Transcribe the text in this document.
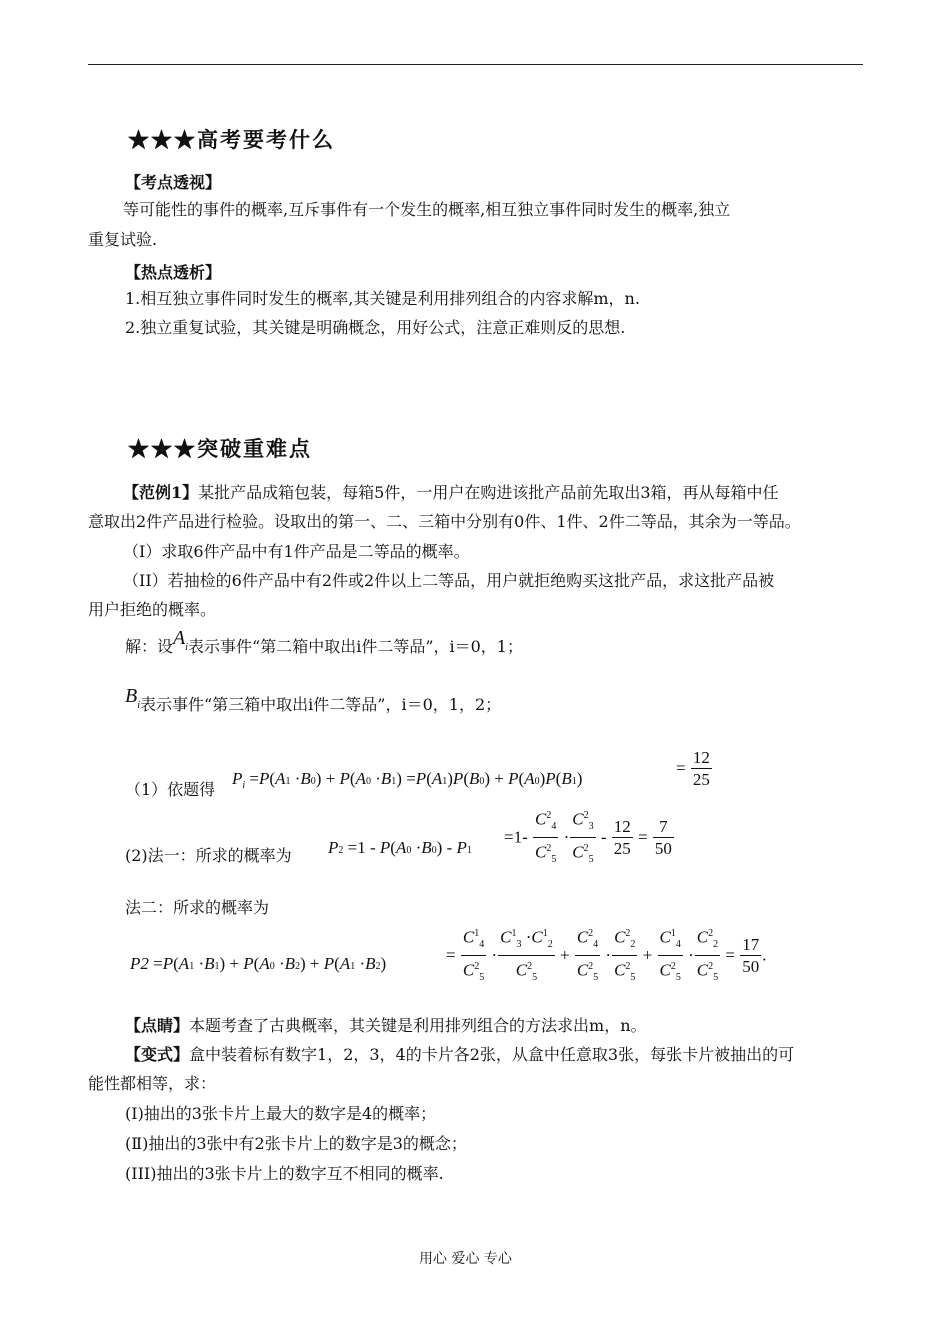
★★★高考要考什么
【考点透视】
等可能性的事件的概率,互斥事件有一个发生的概率,相互独立事件同时发生的概率,独立
重复试验.
【热点透析】
1.相互独立事件同时发生的概率,其关键是利用排列组合的内容求解m，n.
2.独立重复试验，其关键是明确概念，用好公式，注意正难则反的思想.
★★★突破重难点
【范例1】某批产品成箱包装，每箱5件，一用户在购进该批产品前先取出3箱，再从每箱中任
意取出2件产品进行检验。设取出的第一、二、三箱中分别有0件、1件、2件二等品，其余为一等品。
（I）求取6件产品中有1件产品是二等品的概率。
（II）若抽检的6件产品中有2件或2件以上二等品，用户就拒绝购买这批产品，求这批产品被
用户拒绝的概率。
解：设Ai表示事件“第二箱中取出i件二等品”，i＝0，1；
Bi表示事件“第三箱中取出i件二等品”，i＝0，1，2；
（1）依题得
$P_i =P(A1 \cdot B0) + P(A0 \cdot B1) =P(A1)P(B0) + P(A0)P(B1)$
= $\frac{12}{25}$
(2)法一：所求的概率为 P2 =1 - P(A0 ·B0) - P1
$=1- \frac{C^2_4}{C^2_5} \cdot \frac{C^2_3}{C^2_5} - \frac{12}{25} = \frac{7}{50}$
法二：所求的概率为
P2 =P(A1 ·B1) + P(A0 ·B2) + P(A1 ·B2)	= $\frac{C^1_4}{C^2_5} \cdot \frac{C^1_3 \cdot C^1_2}{C^2_5} + \frac{C^2_4}{C^2_5} \cdot \frac{C^2_2}{C^2_5} + \frac{C^1_4}{C^2_5} \cdot \frac{C^2_2}{C^2_5} = \frac{17}{50}$ .
【点睛】本题考查了古典概率，其关键是利用排列组合的方法求出m，n。
【变式】盒中装着标有数字1，2，3，4的卡片各2张，从盒中任意取3张，每张卡片被抽出的可
能性都相等，求：
(Ⅰ)抽出的3张卡片上最大的数字是4的概率；
(Ⅱ)抽出的3张中有2张卡片上的数字是3的概念；
(III)抽出的3张卡片上的数字互不相同的概率.
用心 爱心 专心
